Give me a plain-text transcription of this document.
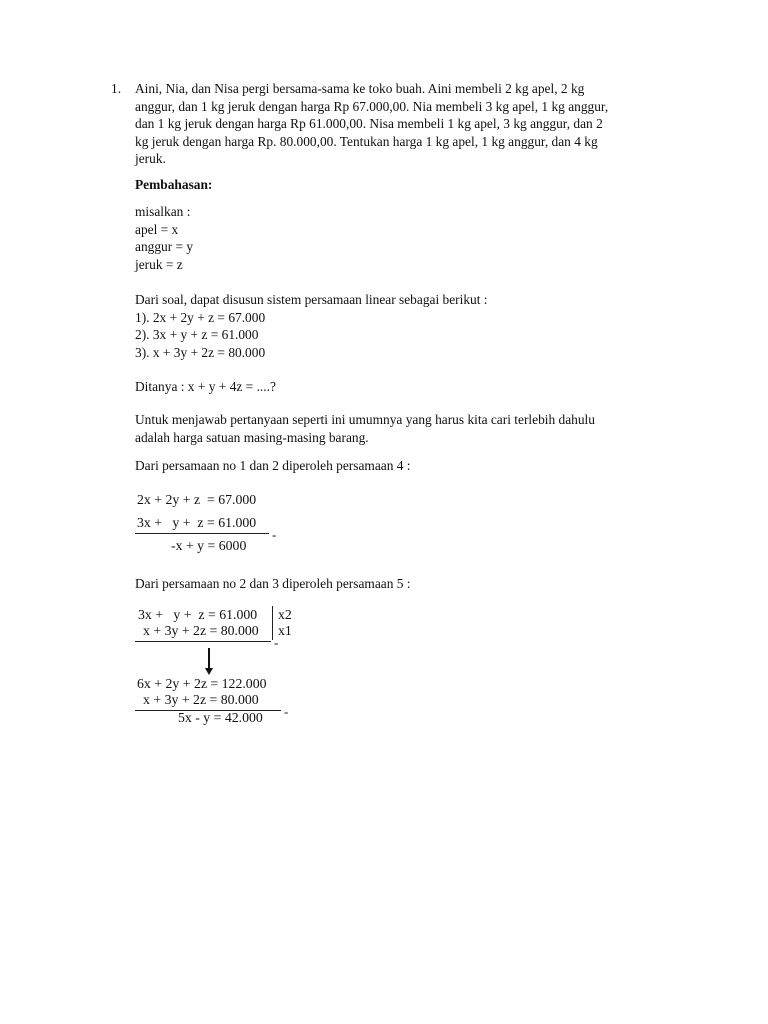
1. Aini, Nia, dan Nisa pergi bersama-sama ke toko buah. Aini membeli 2 kg apel, 2 kg
anggur, dan 1 kg jeruk dengan harga Rp 67.000,00. Nia membeli 3 kg apel, 1 kg anggur,
dan 1 kg jeruk dengan harga Rp 61.000,00. Nisa membeli 1 kg apel, 3 kg anggur, dan 2
kg jeruk dengan harga Rp. 80.000,00. Tentukan harga 1 kg apel, 1 kg anggur, dan 4 kg
jeruk.
Pembahasan:
misalkan :
apel = x
anggur = y
jeruk = z
Dari soal, dapat disusun sistem persamaan linear sebagai berikut :
1). 2x + 2y + z = 67.000
2). 3x + y + z = 61.000
3). x + 3y + 2z = 80.000
Ditanya : x + y + 4z = ....?
Untuk menjawab pertanyaan seperti ini umumnya yang harus kita cari terlebih dahulu
adalah harga satuan masing-masing barang.
Dari persamaan no 1 dan 2 diperoleh persamaan 4 :
2x + 2y + z  = 67.000
3x +   y +  z = 61.000
-
-x + y = 6000
Dari persamaan no 2 dan 3 diperoleh persamaan 5 :
3x +   y +  z = 61.000
x + 3y + 2z = 80.000
x2
x1
-
6x + 2y + 2z = 122.000
x + 3y + 2z = 80.000
-
5x - y = 42.000
